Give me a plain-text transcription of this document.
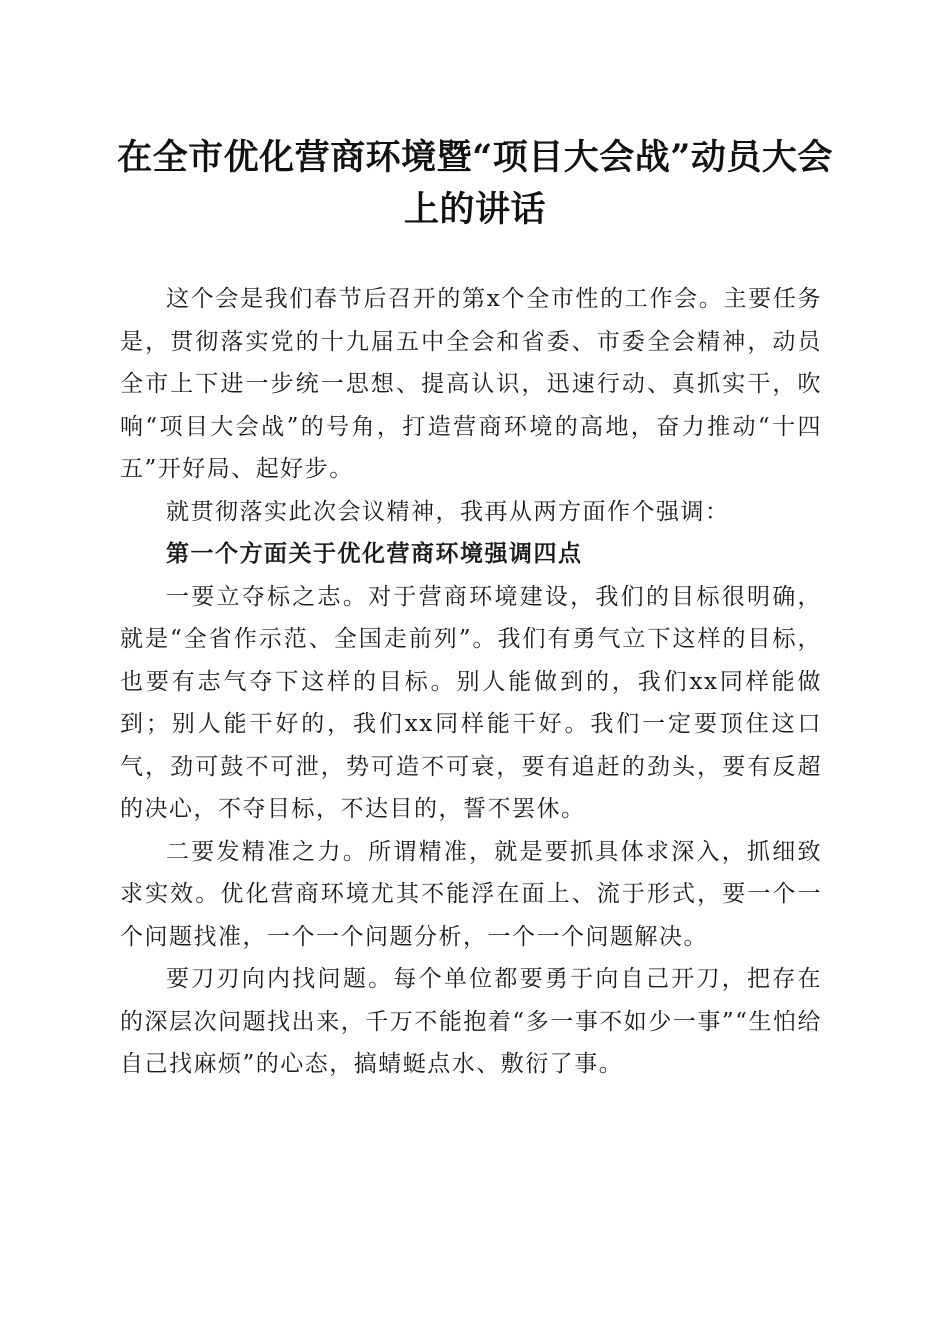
在全市优化营商环境暨“项目大会战”动员大会上的讲话

这个会是我们春节后召开的第x个全市性的工作会。主要任务是，贯彻落实党的十九届五中全会和省委、市委全会精神，动员全市上下进一步统一思想、提高认识，迅速行动、真抓实干，吹响“项目大会战”的号角，打造营商环境的高地，奋力推动“十四五”开好局、起好步。

就贯彻落实此次会议精神，我再从两方面作个强调：

第一个方面关于优化营商环境强调四点

一要立夺标之志。对于营商环境建设，我们的目标很明确，就是“全省作示范、全国走前列”。我们有勇气立下这样的目标，也要有志气夺下这样的目标。别人能做到的，我们xx同样能做到；别人能干好的，我们xx同样能干好。我们一定要顶住这口气，劲可鼓不可泄，势可造不可衰，要有追赶的劲头，要有反超的决心，不夺目标，不达目的，誓不罢休。

二要发精准之力。所谓精准，就是要抓具体求深入，抓细致求实效。优化营商环境尤其不能浮在面上、流于形式，要一个一个问题找准，一个一个问题分析，一个一个问题解决。

要刀刃向内找问题。每个单位都要勇于向自己开刀，把存在的深层次问题找出来，千万不能抱着“多一事不如少一事”“生怕给自己找麻烦”的心态，搞蜻蜓点水、敷衍了事。
